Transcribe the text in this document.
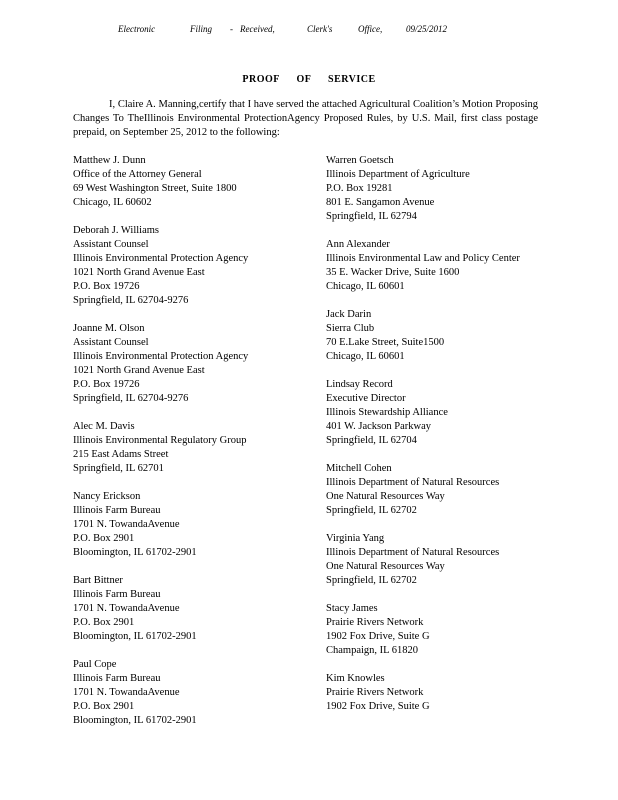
Electronic	Filing - Received,	Clerk's	Office,	09/25/2012
PROOF OF SERVICE

I, Claire A. Manning,certify that I have served the attached Agricultural Coalition’s Motion Proposing Changes To TheIllinois Environmental ProtectionAgency Proposed Rules, by U.S. Mail, first class postage prepaid, on September 25, 2012 to the following:

Matthew J. Dunn
Office of the Attorney General
69 West Washington Street, Suite 1800
Chicago, IL 60602
Deborah J. Williams
Assistant Counsel
Illinois Environmental Protection Agency
1021 North Grand Avenue East
P.O. Box 19726
Springfield, IL 62704-9276
Joanne M. Olson
Assistant Counsel
Illinois Environmental Protection Agency
1021 North Grand Avenue East
P.O. Box 19726
Springfield, IL 62704-9276
Alec M. Davis
Illinois Environmental Regulatory Group
215 East Adams Street
Springfield, IL 62701
Nancy Erickson
Illinois Farm Bureau
1701 N. TowandaAvenue
P.O. Box 2901
Bloomington, IL 61702-2901
Bart Bittner
Illinois Farm Bureau
1701 N. TowandaAvenue
P.O. Box 2901
Bloomington, IL 61702-2901
Paul Cope
Illinois Farm Bureau
1701 N. TowandaAvenue
P.O. Box 2901
Bloomington, IL 61702-2901
Warren Goetsch
Illinois Department of Agriculture
P.O. Box 19281
801 E. Sangamon Avenue
Springfield, IL 62794
Ann Alexander
Illinois Environmental Law and Policy Center
35 E. Wacker Drive, Suite 1600
Chicago, IL 60601
Jack Darin
Sierra Club
70 E.Lake Street, Suite1500
Chicago, IL 60601
Lindsay Record
Executive Director
Illinois Stewardship Alliance
401 W. Jackson Parkway
Springfield, IL 62704
Mitchell Cohen
Illinois Department of Natural Resources
One Natural Resources Way
Springfield, IL 62702
Virginia Yang
Illinois Department of Natural Resources
One Natural Resources Way
Springfield, IL 62702
Stacy James
Prairie Rivers Network
1902 Fox Drive, Suite G
Champaign, IL 61820
Kim Knowles
Prairie Rivers Network
1902 Fox Drive, Suite G
